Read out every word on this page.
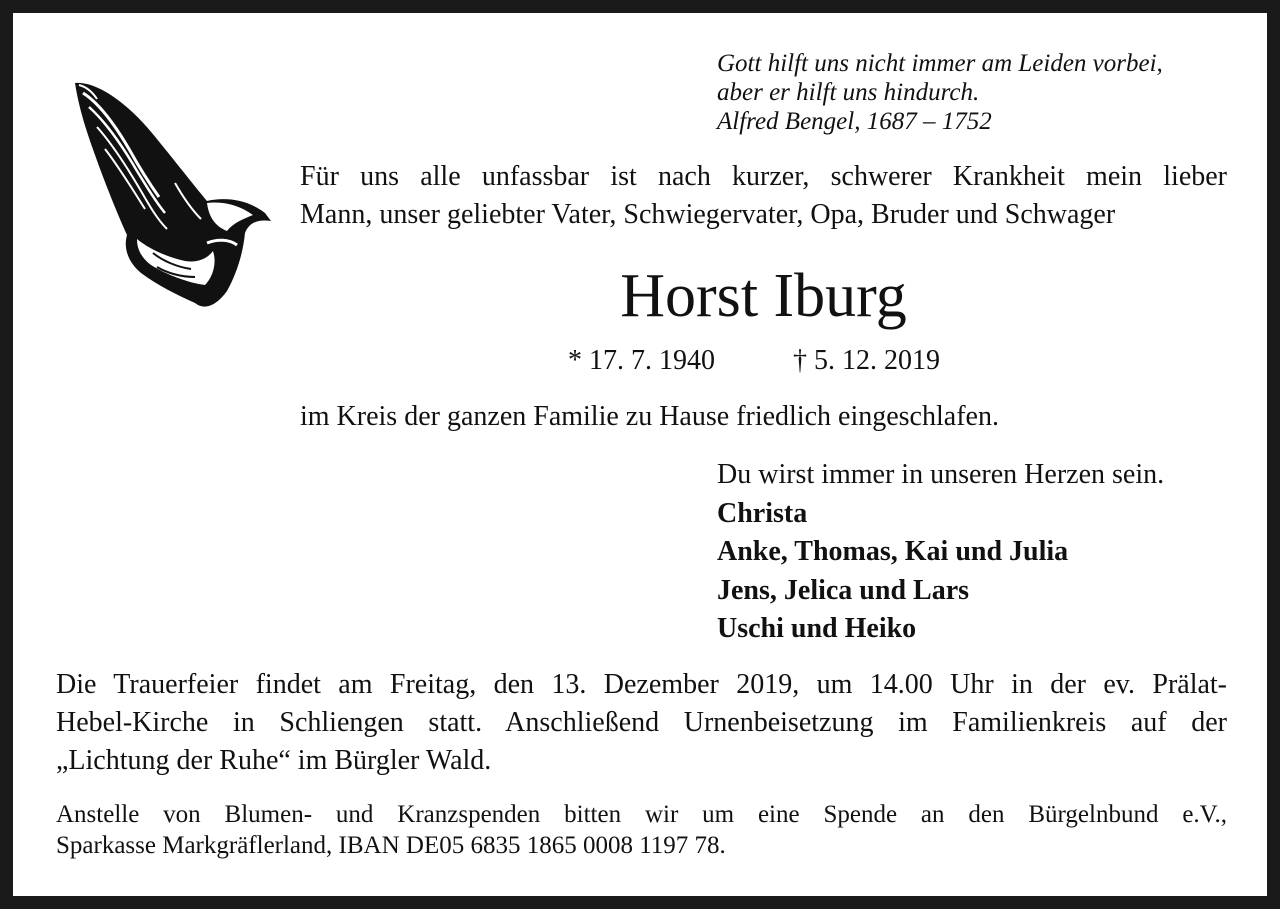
Gott hilft uns nicht immer am Leiden vorbei,
aber er hilft uns hindurch.
Alfred Bengel, 1687 – 1752
Für uns alle unfassbar ist nach kurzer, schwerer Krankheit mein lieber
Mann, unser geliebter Vater, Schwiegervater, Opa, Bruder und Schwager
Horst Iburg
* 17. 7. 1940	† 5. 12. 2019
im Kreis der ganzen Familie zu Hause friedlich eingeschlafen.
Du wirst immer in unseren Herzen sein.
Christa
Anke, Thomas, Kai und Julia
Jens, Jelica und Lars
Uschi und Heiko
Die Trauerfeier findet am Freitag, den 13. Dezember 2019, um 14.00 Uhr in der ev. Prälat-
Hebel-Kirche in Schliengen statt. Anschließend Urnenbeisetzung im Familienkreis auf der
„Lichtung der Ruhe“ im Bürgler Wald.
Anstelle von Blumen- und Kranzspenden bitten wir um eine Spende an den Bürgelnbund e.V.,
Sparkasse Markgräflerland, IBAN DE05 6835 1865 0008 1197 78.
